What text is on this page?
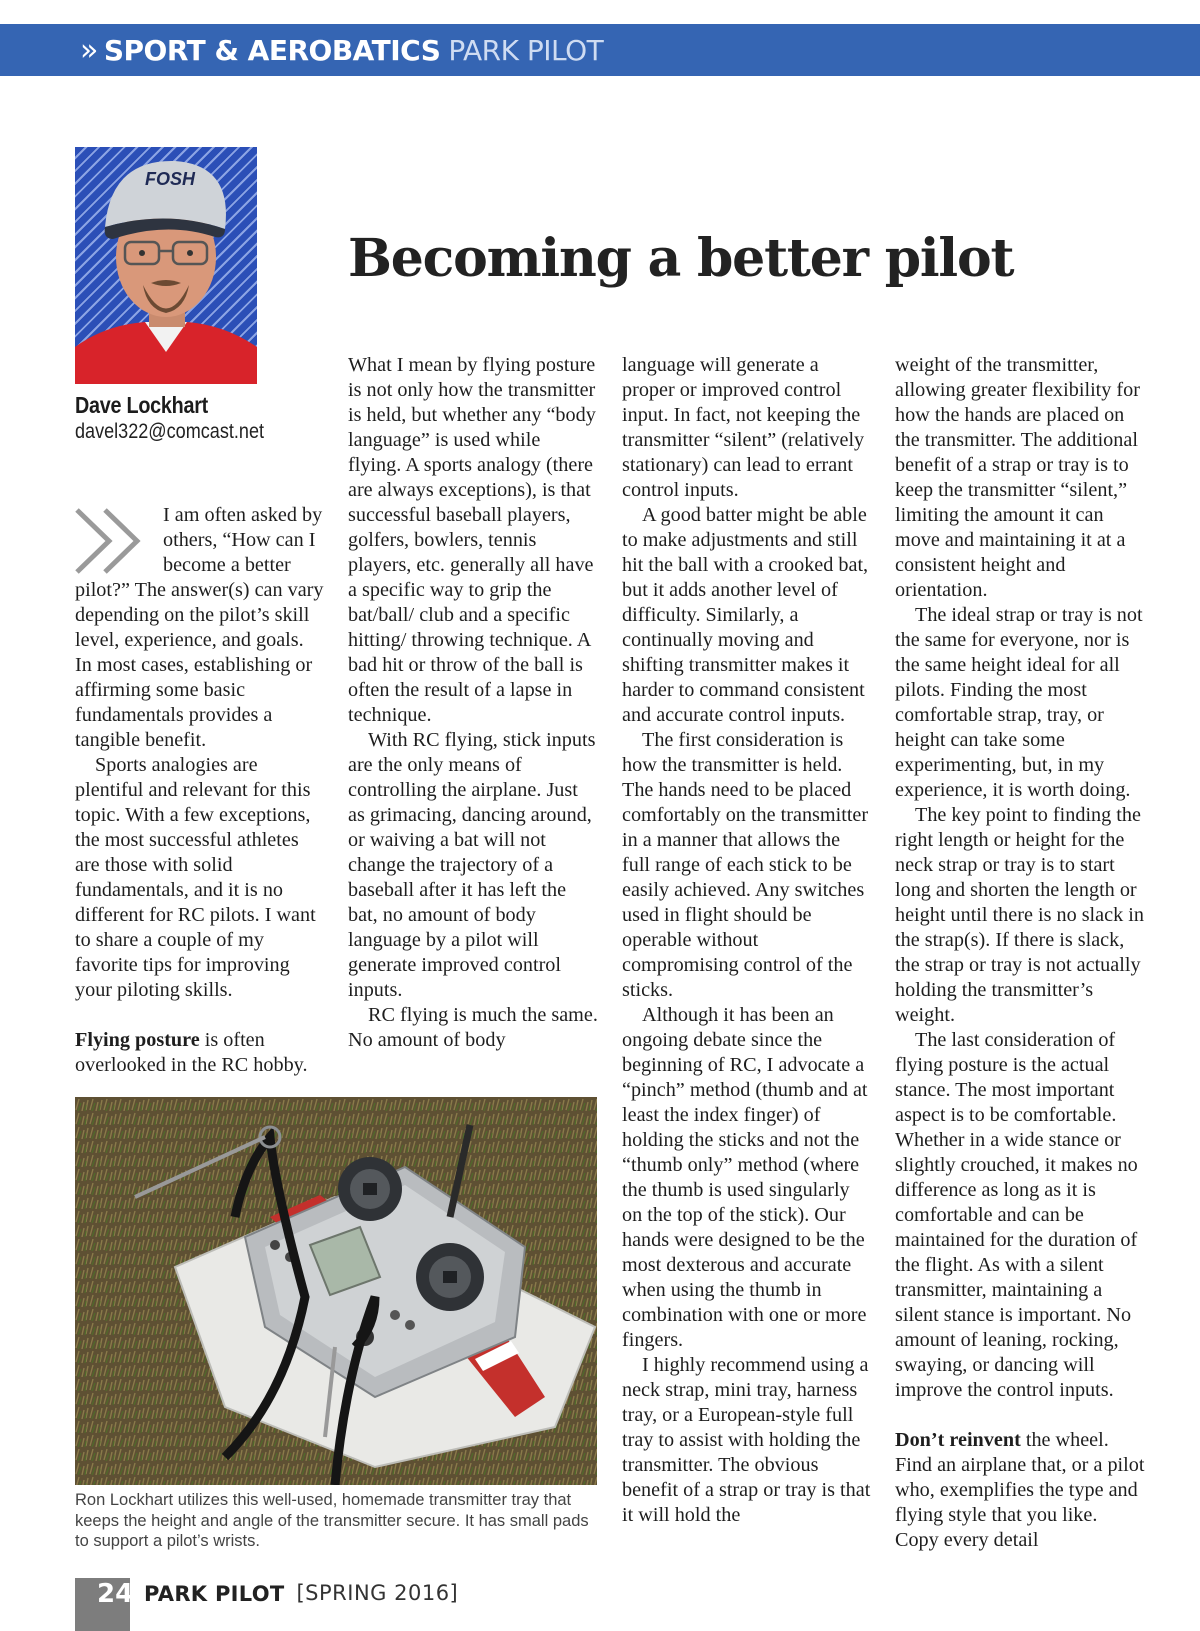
» SPORT & AEROBATICS PARK PILOT
FOSH
Dave Lockhart
davel322@comcast.net
Becoming a better pilot

I am often asked by others, “How can I become a better pilot?” The answer(s) can vary depending on the pilot’s skill level, experience, and goals. In most cases, establishing or affirming some basic fundamentals provides a tangible benefit.

Sports analogies are plentiful and relevant for this topic. With a few exceptions, the most successful athletes are those with solid fundamentals, and it is no different for RC pilots. I want to share a couple of my favorite tips for improving your piloting skills.

Flying posture is often overlooked in the RC hobby.

What I mean by flying posture is not only how the transmitter is held, but whether any “body language” is used while flying. A sports analogy (there are always exceptions), is that successful baseball players, golfers, bowlers, tennis players, etc. generally all have a specific way to grip the bat/ball/ club and a specific hitting/ throwing technique. A bad hit or throw of the ball is often the result of a lapse in technique.

With RC flying, stick inputs are the only means of controlling the airplane. Just as grimacing, dancing around, or waiving a bat will not change the trajectory of a baseball after it has left the bat, no amount of body language by a pilot will generate improved control inputs.

RC flying is much the same. No amount of body

language will generate a proper or improved control input. In fact, not keeping the transmitter “silent” (relatively stationary) can lead to errant control inputs.

A good batter might be able to make adjustments and still hit the ball with a crooked bat, but it adds another level of difficulty. Similarly, a continually moving and shifting transmitter makes it harder to command consistent and accurate control inputs.

The first consideration is how the transmitter is held. The hands need to be placed comfortably on the transmitter in a manner that allows the full range of each stick to be easily achieved. Any switches used in flight should be operable without compromising control of the sticks.

Although it has been an ongoing debate since the beginning of RC, I advocate a “pinch” method (thumb and at least the index finger) of holding the sticks and not the “thumb only” method (where the thumb is used singularly on the top of the stick). Our hands were designed to be the most dexterous and accurate when using the thumb in combination with one or more fingers.

I highly recommend using a neck strap, mini tray, harness tray, or a European-style full tray to assist with holding the transmitter. The obvious benefit of a strap or tray is that it will hold the

weight of the transmitter, allowing greater flexibility for how the hands are placed on the transmitter. The additional benefit of a strap or tray is to keep the transmitter “silent,” limiting the amount it can move and maintaining it at a consistent height and orientation.

The ideal strap or tray is not the same for everyone, nor is the same height ideal for all pilots. Finding the most comfortable strap, tray, or height can take some experimenting, but, in my experience, it is worth doing.

The key point to finding the right length or height for the neck strap or tray is to start long and shorten the length or height until there is no slack in the strap(s). If there is slack, the strap or tray is not actually holding the transmitter’s weight.

The last consideration of flying posture is the actual stance. The most important aspect is to be comfortable. Whether in a wide stance or slightly crouched, it makes no difference as long as it is comfortable and can be maintained for the duration of the flight. As with a silent transmitter, maintaining a silent stance is important. No amount of leaning, rocking, swaying, or dancing will improve the control inputs.

Don’t reinvent the wheel. Find an airplane that, or a pilot who, exemplifies the type and flying style that you like. Copy every detail

Ron Lockhart utilizes this well-used, homemade transmitter tray that keeps the height and angle of the transmitter secure. It has small pads to support a pilot’s wrists.

24 PARK PILOT [SPRING 2016]
